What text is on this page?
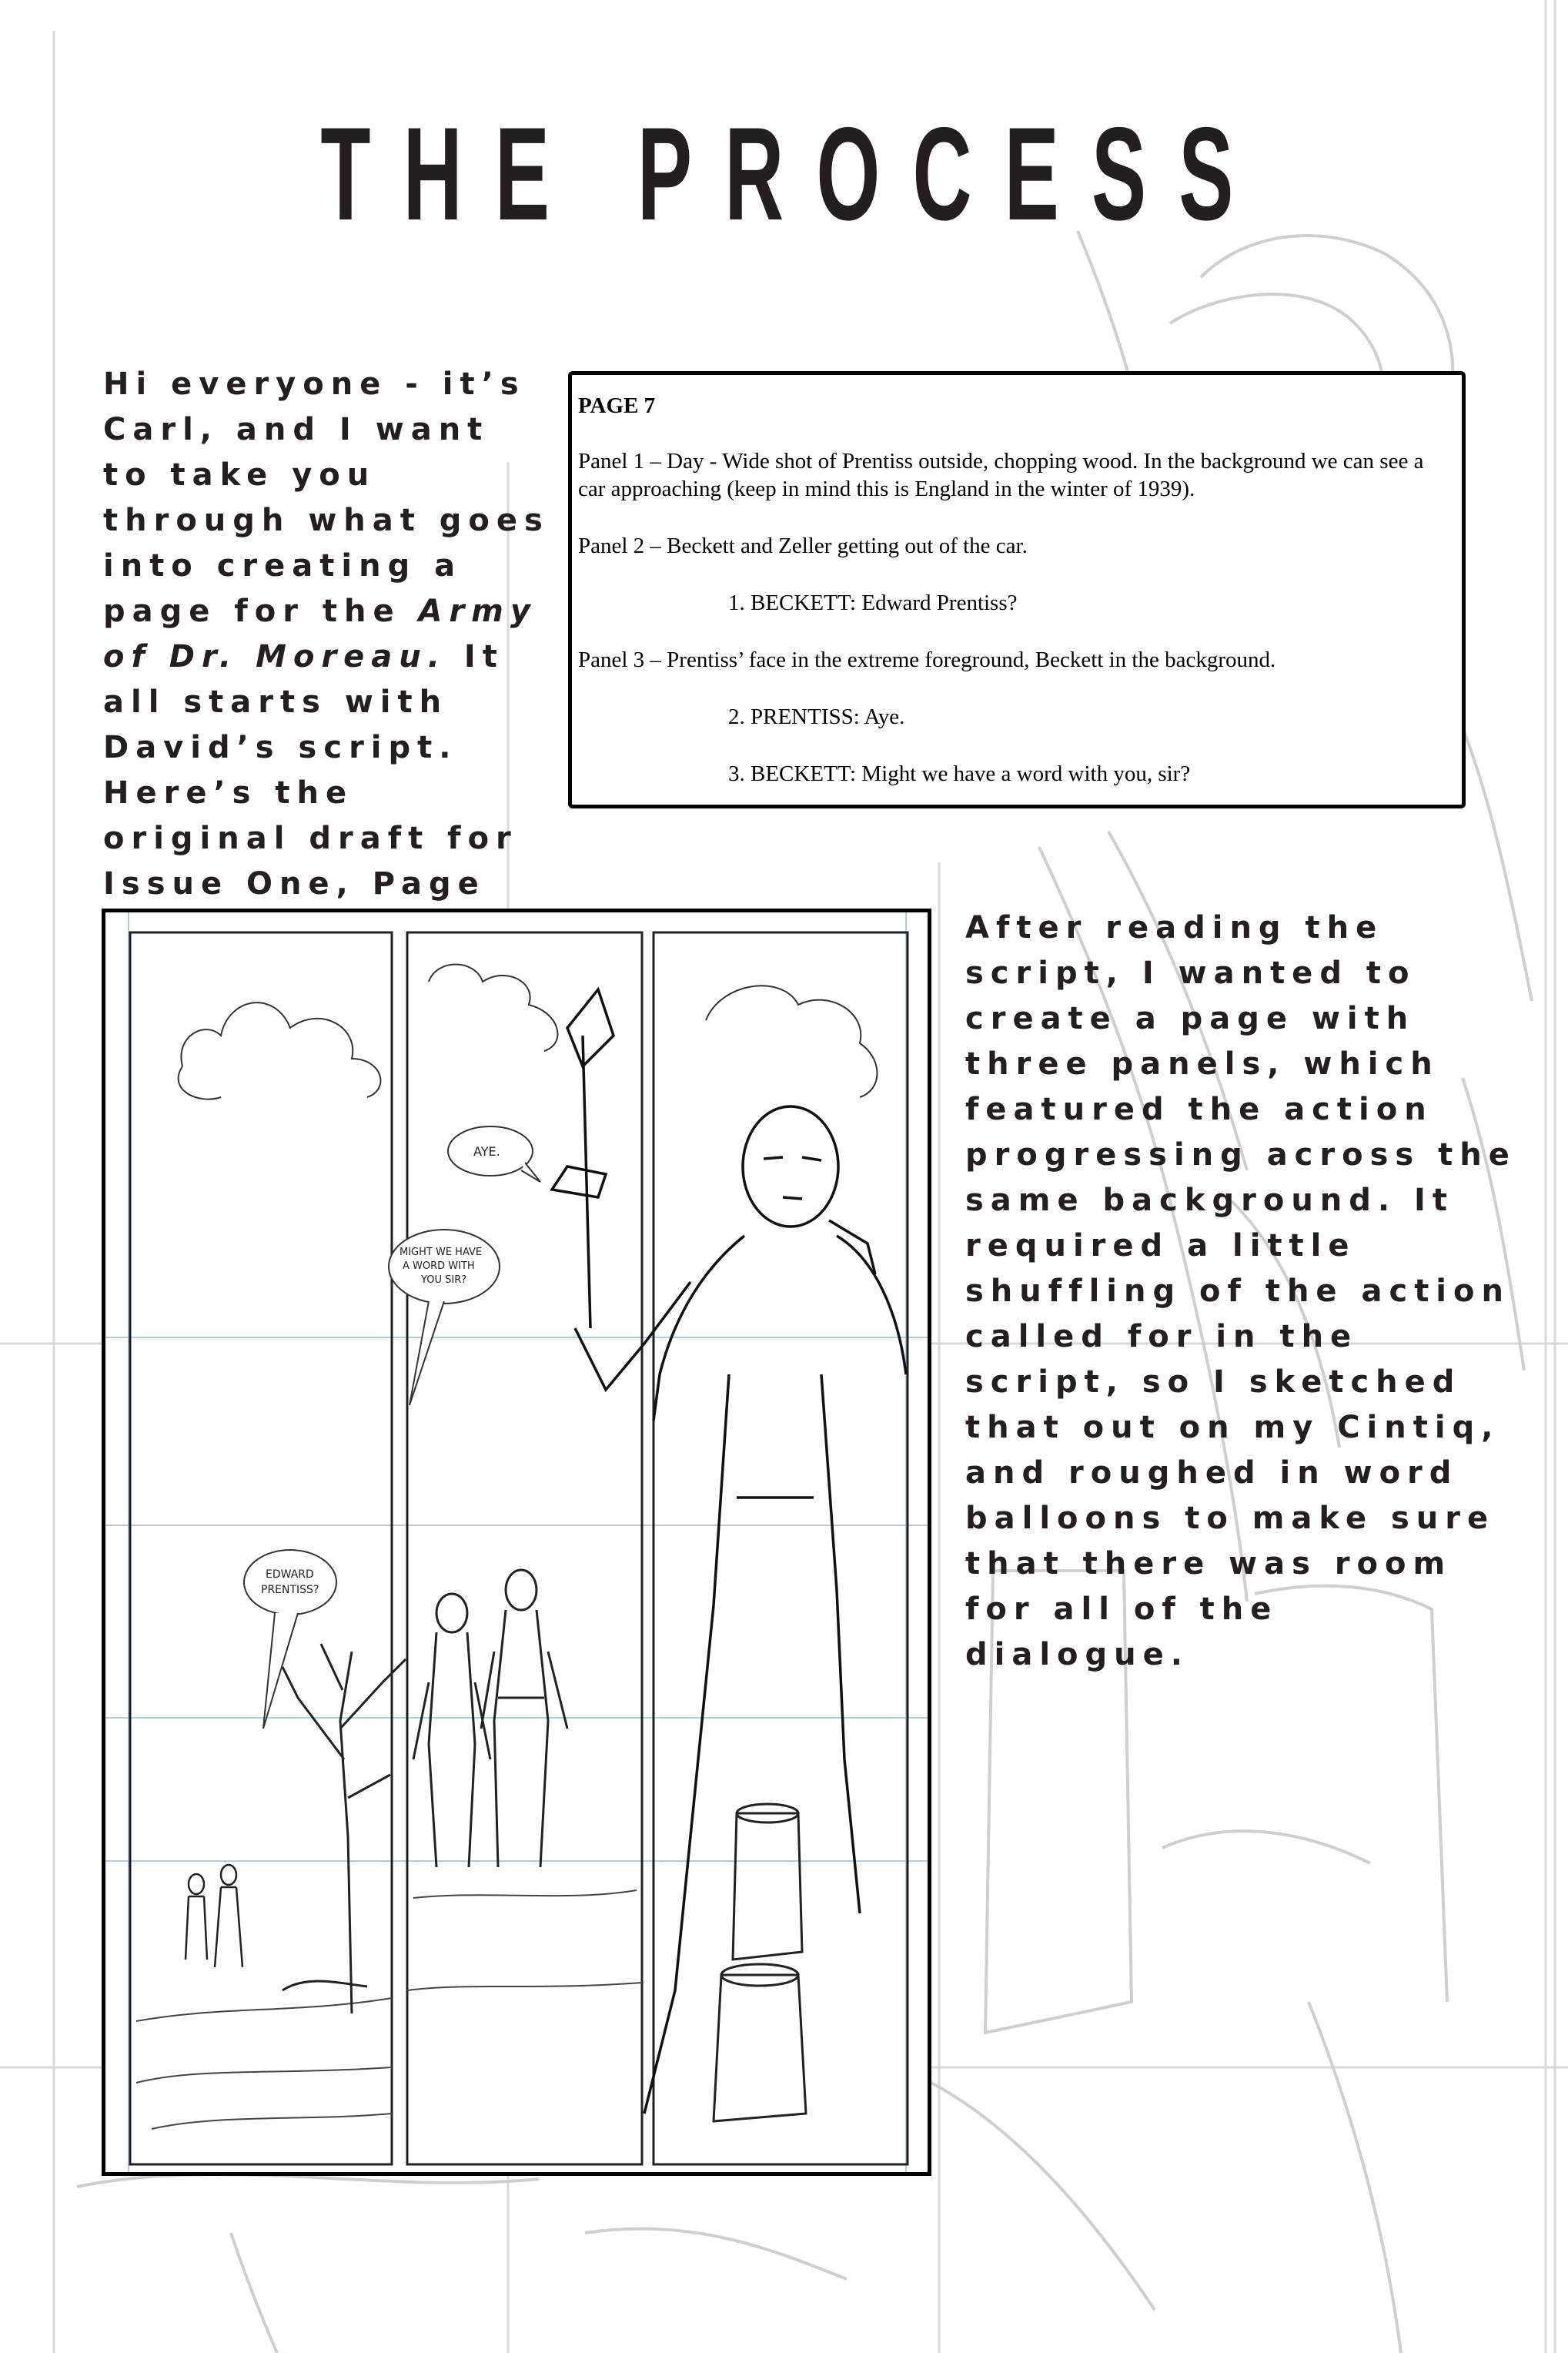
THE PROCESS
Hi everyone - it’s Carl, and I want to take you through what goes into creating a page for the Army of Dr. Moreau. It all starts with David’s script. Here’s the original draft for Issue One, Page
PAGE 7
Panel 1 – Day - Wide shot of Prentiss outside, chopping wood. In the background we can see a car approaching (keep in mind this is England in the winter of 1939).
Panel 2 – Beckett and Zeller getting out of the car.
1. BECKETT: Edward Prentiss?
Panel 3 – Prentiss’ face in the extreme foreground, Beckett in the background.
2. PRENTISS: Aye.
3. BECKETT: Might we have a word with you, sir?
AYE.
MIGHT WE HAVE
A WORD WITH
YOU SIR?
EDWARD
PRENTISS?
After reading the script, I wanted to create a page with three panels, which featured the action progressing across the same background. It required a little shuffling of the action called for in the script, so I sketched that out on my Cintiq, and roughed in word balloons to make sure that there was room for all of the dialogue.
